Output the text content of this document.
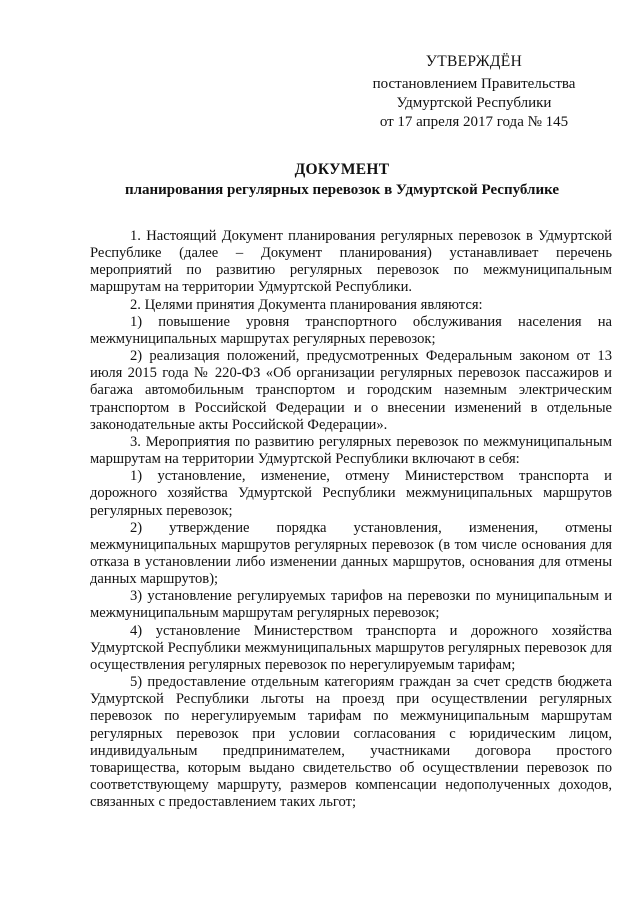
УТВЕРЖДЁН
постановлением Правительства
Удмуртской Республики
от 17 апреля 2017 года № 145
ДОКУМЕНТ
планирования регулярных перевозок в Удмуртской Республике

1. Настоящий Документ планирования регулярных перевозок в Удмуртской Республике (далее – Документ планирования) устанавливает перечень мероприятий по развитию регулярных перевозок по межмуниципальным маршрутам на территории Удмуртской Республики.

2. Целями принятия Документа планирования являются:

1) повышение уровня транспортного обслуживания населения на межмуниципальных маршрутах регулярных перевозок;

2) реализация положений, предусмотренных Федеральным законом от 13 июля 2015 года № 220-ФЗ «Об организации регулярных перевозок пассажиров и багажа автомобильным транспортом и городским наземным электрическим транспортом в Российской Федерации и о внесении изменений в отдельные законодательные акты Российской Федерации».

3. Мероприятия по развитию регулярных перевозок по межмуниципальным маршрутам на территории Удмуртской Республики включают в себя:

1) установление, изменение, отмену Министерством транспорта и дорожного хозяйства Удмуртской Республики межмуниципальных маршрутов регулярных перевозок;

2) утверждение порядка установления, изменения, отмены межмуниципальных маршрутов регулярных перевозок (в том числе основания для отказа в установлении либо изменении данных маршрутов, основания для отмены данных маршрутов);

3) установление регулируемых тарифов на перевозки по муниципальным и межмуниципальным маршрутам регулярных перевозок;

4) установление Министерством транспорта и дорожного хозяйства Удмуртской Республики межмуниципальных маршрутов регулярных перевозок для осуществления регулярных перевозок по нерегулируемым тарифам;

5) предоставление отдельным категориям граждан за счет средств бюджета Удмуртской Республики льготы на проезд при осуществлении регулярных перевозок по нерегулируемым тарифам по межмуниципальным маршрутам регулярных перевозок при условии согласования с юридическим лицом, индивидуальным предпринимателем, участниками договора простого товарищества, которым выдано свидетельство об осуществлении перевозок по соответствующему маршруту, размеров компенсации недополученных доходов, связанных с предоставлением таких льгот;
